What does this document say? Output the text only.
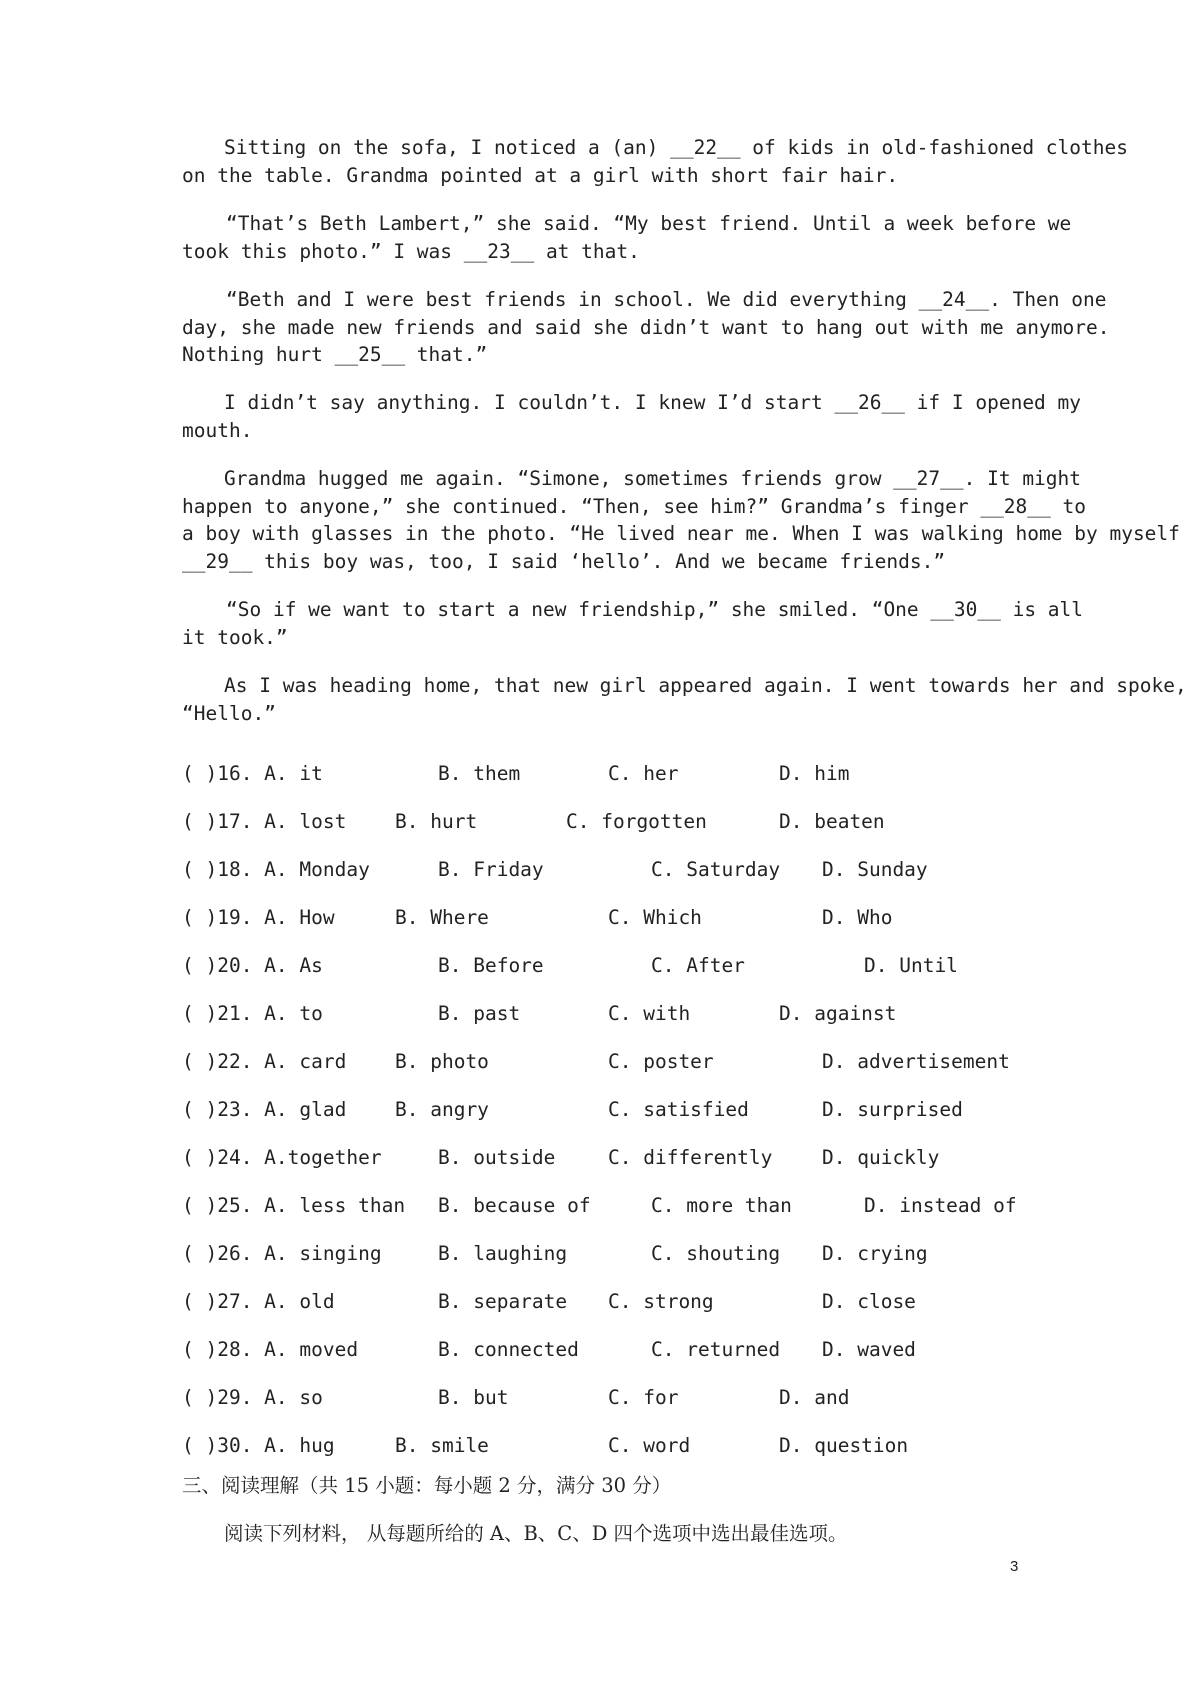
Sitting on the sofa, I noticed a (an) __22__ of kids in old-fashioned clothes
on the table. Grandma pointed at a girl with short fair hair.
“That’s Beth Lambert,” she said. “My best friend. Until a week before we
took this photo.” I was __23__ at that.
“Beth and I were best friends in school. We did everything __24__. Then one
day, she made new friends and said she didn’t want to hang out with me anymore.
Nothing hurt __25__ that.”
I didn’t say anything. I couldn’t. I knew I’d start __26__ if I opened my
mouth.
Grandma hugged me again. “Simone, sometimes friends grow __27__. It might
happen to anyone,” she continued. “Then, see him?” Grandma’s finger __28__ to
a boy with glasses in the photo. “He lived near me. When I was walking home by myself
__29__ this boy was, too, I said ‘hello’. And we became friends.”
“So if we want to start a new friendship,” she smiled. “One __30__ is all
it took.”
As I was heading home, that new girl appeared again. I went towards her and spoke,
“Hello.”
( )16. A. it	B. them	C. her	D. him
( )17. A. lost B. hurt	C. forgotten	D. beaten
( )18. A. Monday	B. Friday	C. Saturday D. Sunday
( )19. A. How	B. Where	C. Which	D. Who
( )20. A. As	B. Before	C. After	D. Until
( )21. A. to	B. past	C. with	D. against
( )22. A. card B. photo	C. poster	D. advertisement
( )23. A. glad B. angry	C. satisfied	D. surprised
( )24. A.together	B. outside	C. differently	D. quickly
( )25. A. less than B. because of	C. more than	D. instead of
( )26. A. singing	B. laughing	C. shouting D. crying
( )27. A. old	B. separate C. strong	D. close
( )28. A. moved	B. connected	C. returned D. waved
( )29. A. so	B. but	C. for	D. and
( )30. A. hug	B. smile	C. word	D. question
三、阅读理解（共 15 小题：每小题 2 分，满分 30 分）
阅读下列材料， 从每题所给的 A、B、C、D 四个选项中选出最佳选项。
3
